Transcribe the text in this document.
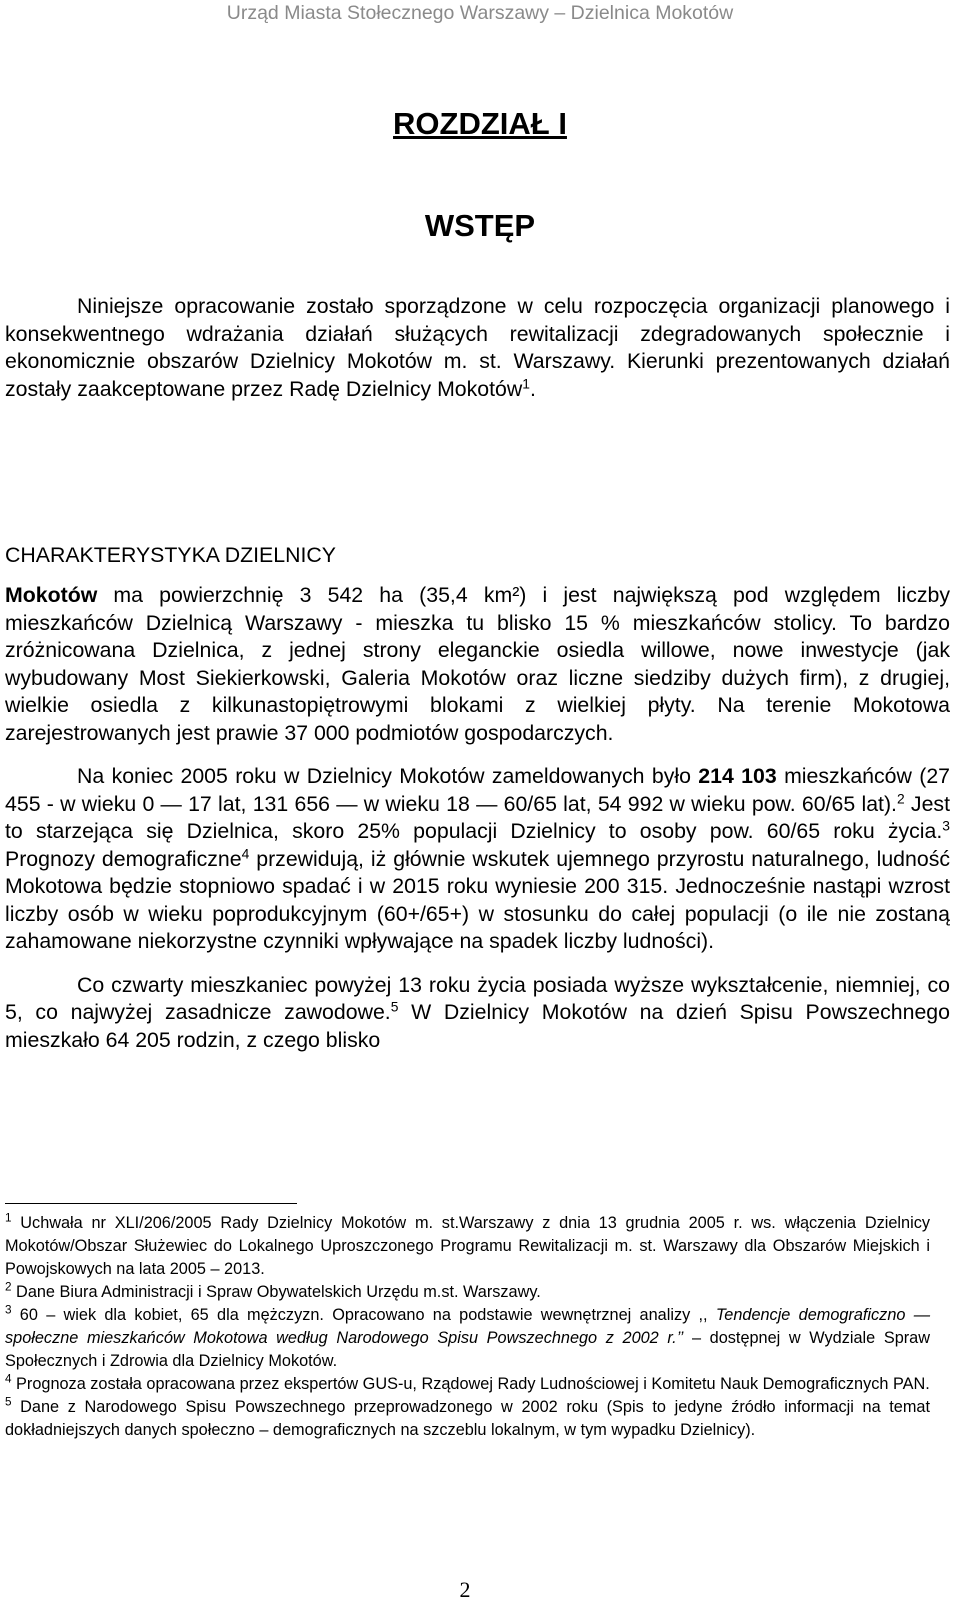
Urząd Miasta Stołecznego Warszawy – Dzielnica Mokotów
ROZDZIAŁ I
WSTĘP
Niniejsze opracowanie zostało sporządzone w celu rozpoczęcia organizacji planowego i konsekwentnego wdrażania działań służących rewitalizacji zdegradowanych społecznie i ekonomicznie obszarów Dzielnicy Mokotów m. st. Warszawy. Kierunki prezentowanych działań zostały zaakceptowane przez Radę Dzielnicy Mokotów$^1$.
CHARAKTERYSTYKA DZIELNICY

Mokotów ma powierzchnię 3 542 ha (35,4 km²) i jest największą pod względem liczby mieszkańców Dzielnicą Warszawy - mieszka tu blisko 15 % mieszkańców stolicy. To bardzo zróżnicowana Dzielnica, z jednej strony eleganckie osiedla willowe, nowe inwestycje (jak wybudowany Most Siekierkowski, Galeria Mokotów oraz liczne siedziby dużych firm), z drugiej, wielkie osiedla z kilkunastopiętrowymi blokami z wielkiej płyty. Na terenie Mokotowa zarejestrowanych jest prawie 37 000 podmiotów gospodarczych.

Na koniec 2005 roku w Dzielnicy Mokotów zameldowanych było 214 103 mieszkańców (27 455 - w wieku 0 — 17 lat, 131 656 — w wieku 18 — 60/65 lat, 54 992 w wieku pow. 60/65 lat).$^2$ Jest to starzejąca się Dzielnica, skoro 25% populacji Dzielnicy to osoby pow. 60/65 roku życia.$^3$ Prognozy demograficzne$^4$ przewidują, iż głównie wskutek ujemnego przyrostu naturalnego, ludność Mokotowa będzie stopniowo spadać i w 2015 roku wyniesie 200 315. Jednocześnie nastąpi wzrost liczby osób w wieku poprodukcyjnym (60+/65+) w stosunku do całej populacji (o ile nie zostaną zahamowane niekorzystne czynniki wpływające na spadek liczby ludności).

Co czwarty mieszkaniec powyżej 13 roku życia posiada wyższe wykształcenie, niemniej, co 5, co najwyżej zasadnicze zawodowe.$^5$ W Dzielnicy Mokotów na dzień Spisu Powszechnego mieszkało 64 205 rodzin, z czego blisko

$^1$ Uchwała nr XLI/206/2005 Rady Dzielnicy Mokotów m. st.Warszawy z dnia 13 grudnia 2005 r. ws. włączenia Dzielnicy Mokotów/Obszar Służewiec do Lokalnego Uproszczonego Programu Rewitalizacji m. st. Warszawy dla Obszarów Miejskich i Powojskowych na lata 2005 – 2013.

$^2$ Dane Biura Administracji i Spraw Obywatelskich Urzędu m.st. Warszawy.

$^3$ 60 – wiek dla kobiet, 65 dla mężczyzn. Opracowano na podstawie wewnętrznej analizy ,, Tendencje demograficzno — społeczne mieszkańców Mokotowa według Narodowego Spisu Powszechnego z 2002 r.’’ – dostępnej w Wydziale Spraw Społecznych i Zdrowia dla Dzielnicy Mokotów.

$^4$ Prognoza została opracowana przez ekspertów GUS-u, Rządowej Rady Ludnościowej i Komitetu Nauk Demograficznych PAN.

$^5$ Dane z Narodowego Spisu Powszechnego przeprowadzonego w 2002 roku (Spis to jedyne źródło informacji na temat dokładniejszych danych społeczno – demograficznych na szczeblu lokalnym, w tym wypadku Dzielnicy).

2
